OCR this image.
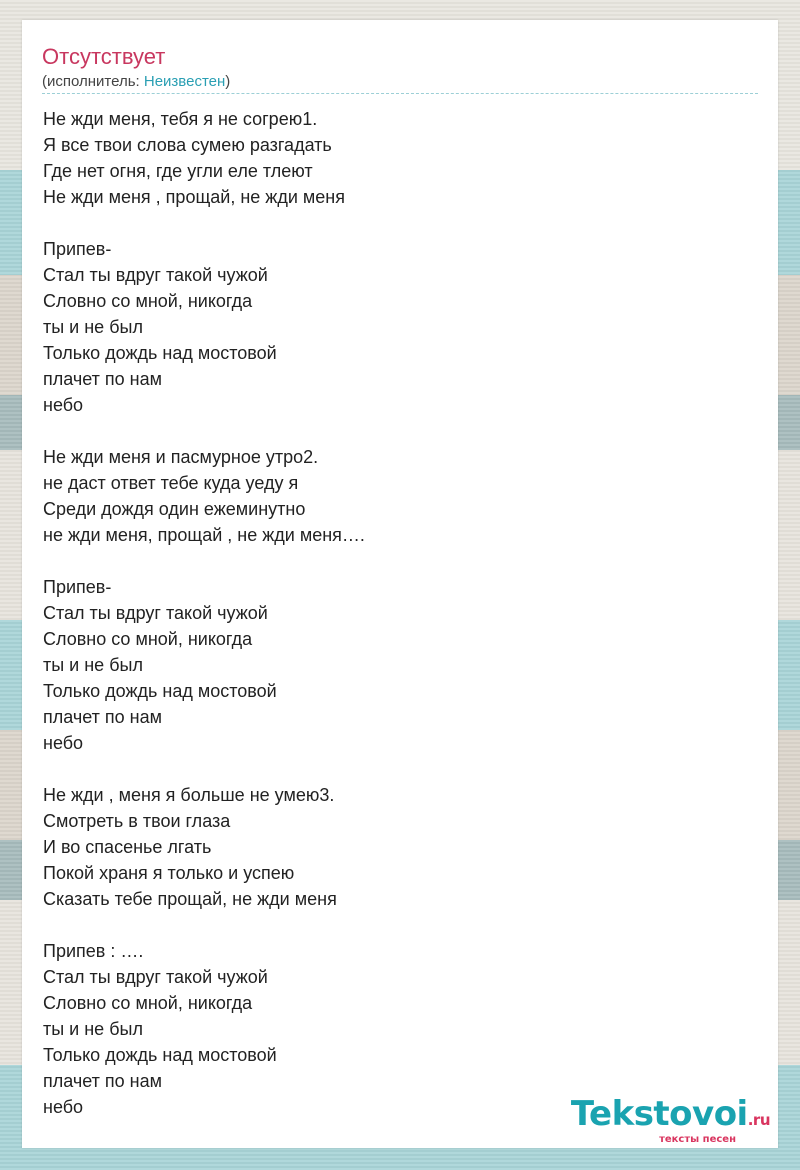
Отсутствует
(исполнитель: Неизвестен)
Не жди меня, тебя я не согрею1.
Я все твои слова сумею разгадать
Где нет огня, где угли еле тлеют
Не жди меня , прощай, не жди меня
Припев-
Стал ты вдруг такой чужой
Словно со мной, никогда
ты и не был
Только дождь над мостовой
плачет по нам
небо
Не жди меня и пасмурное утро2.
не даст ответ тебе куда уеду я
Среди дождя один ежеминутно
не жди меня, прощай , не жди меня….
Припев-
Стал ты вдруг такой чужой
Словно со мной, никогда
ты и не был
Только дождь над мостовой
плачет по нам
небо
Не жди , меня я больше не умею3.
Смотреть в твои глаза
И во спасенье лгать
Покой храня я только и успею
Сказать тебе прощай, не жди меня
Припев : ….
Стал ты вдруг такой чужой
Словно со мной, никогда
ты и не был
Только дождь над мостовой
плачет по нам
небо	Tekstovoi.ru
тексты песен
